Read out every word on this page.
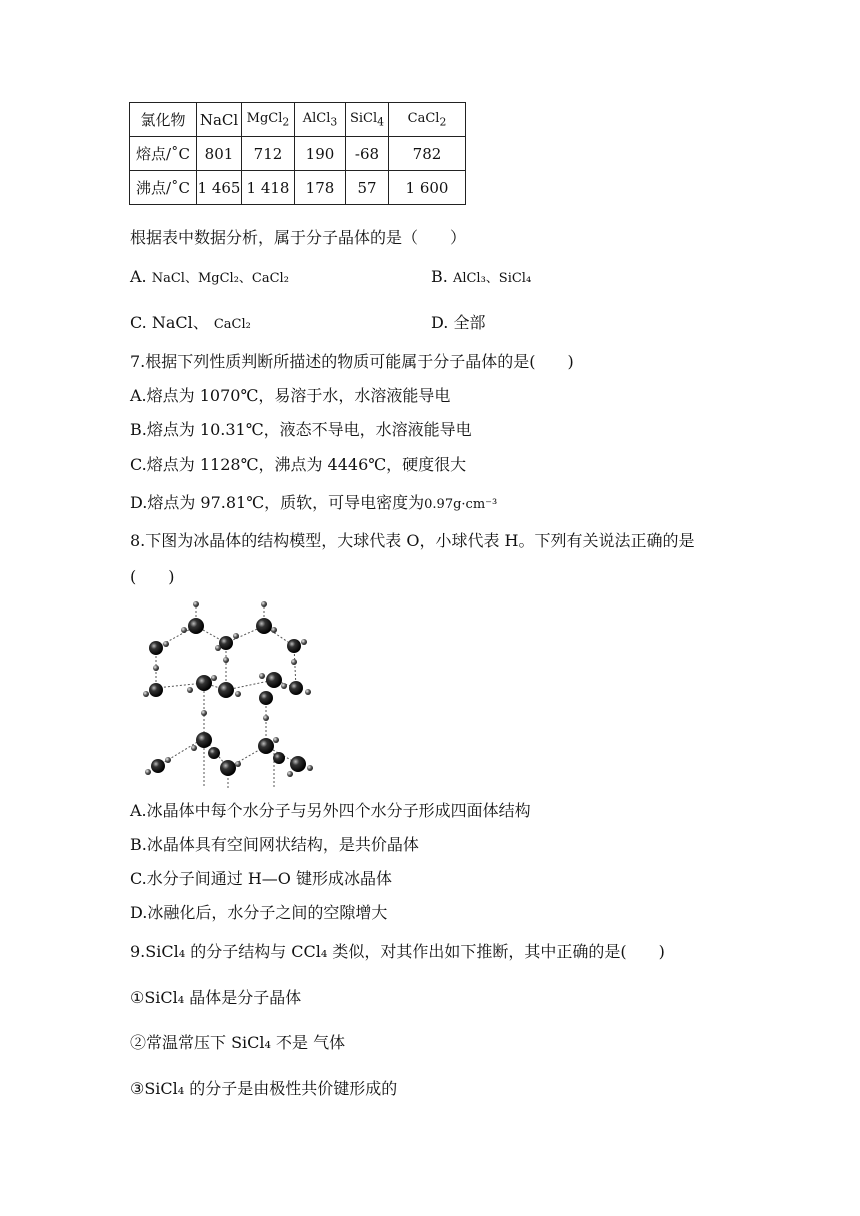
氯化物	NaCl	MgCl$_2$	AlCl$_3$	SiCl$_4$	CaCl$_2$
熔点/˚C	801	712	190	-68	782
沸点/˚C	1 465	1 418	178	57	1 600
根据表中数据分析，属于分子晶体的是（　　）
A. NaCl、MgCl₂、CaCl₂	B. AlCl₃、SiCl₄
C. NaCl、 CaCl₂	D. 全部
7.根据下列性质判断所描述的物质可能属于分子晶体的是(　　)
A.熔点为 1070℃，易溶于水，水溶液能导电
B.熔点为 10.31℃，液态不导电，水溶液能导电
C.熔点为 1128℃，沸点为 4446℃，硬度很大
D.熔点为 97.81℃，质软，可导电密度为0.97g·cm⁻³
8.下图为冰晶体的结构模型，大球代表 O，小球代表 H。下列有关说法正确的是
(　　)
A.冰晶体中每个水分子与另外四个水分子形成四面体结构
B.冰晶体具有空间网状结构，是共价晶体
C.水分子间通过 H—O 键形成冰晶体
D.冰融化后，水分子之间的空隙增大
9.SiCl₄ 的分子结构与 CCl₄ 类似，对其作出如下推断，其中正确的是(　　)
①SiCl₄ 晶体是分子晶体
②常温常压下 SiCl₄ 不是 气体
③SiCl₄ 的分子是由极性共价键形成的
